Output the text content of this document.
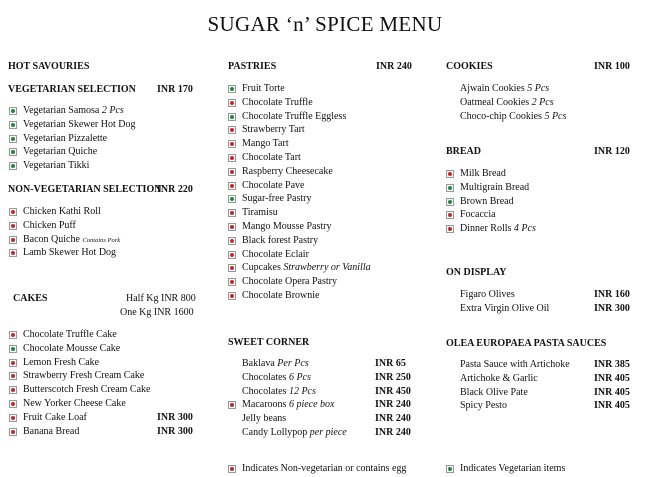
SUGAR ‘n’ SPICE MENU
HOT SAVOURIES
VEGETARIAN SELECTION INR 170
Vegetarian Samosa 2 Pcs
Vegetarian Skewer Hot Dog
Vegetarian Pizzalette
Vegetarian Quiche
Vegetarian Tikki
NON-VEGETARIAN SELECTION
INR 220
Chicken Kathi Roll
Chicken Puff
Bacon Quiche Contains Pork
Lamb Skewer Hot Dog
CAKES	Half Kg INR 800
One Kg INR 1600
Chocolate Truffle Cake
Chocolate Mousse Cake
Lemon Fresh Cake
Strawberry Fresh Cream Cake
Butterscotch Fresh Cream Cake
New Yorker Cheese Cake
Fruit Cake Loaf	INR 300
Banana Bread	INR 300
PASTRIES	INR 240
Fruit Torte
Chocolate Truffle
Chocolate Truffle Eggless
Strawberry Tart
Mango Tart
Chocolate Tart
Raspberry Cheesecake
Chocolate Pave
Sugar-free Pastry
Tiramisu
Mango Mousse Pastry
Black forest Pastry
Chocolate Eclair
Cupcakes Strawberry or Vanilla
Chocolate Opera Pastry
Chocolate Brownie
SWEET CORNER
Baklava Per Pcs	INR 65
Chocolates 6 Pcs	INR 250
Chocolates 12 Pcs	INR 450
Macaroons 6 piece box	INR 240
Jelly beans	INR 240
Candy Lollypop per piece	INR 240
Indicates Non-vegetarian or contains egg
COOKIES	INR 100
Ajwain Cookies 5 Pcs
Oatmeal Cookies 2 Pcs
Choco-chip Cookies 5 Pcs
BREAD	INR 120
Milk Bread
Multigrain Bread
Brown Bread
Focaccia
Dinner Rolls 4 Pcs
ON DISPLAY
Figaro Olives	INR 160
Extra Virgin Olive Oil	INR 300
OLEA EUROPAEA PASTA SAUCES
Pasta Sauce with Artichoke INR 385
Artichoke & Garlic	INR 405
Black Olive Pate	INR 405
Spicy Pesto	INR 405
Indicates Vegetarian items
